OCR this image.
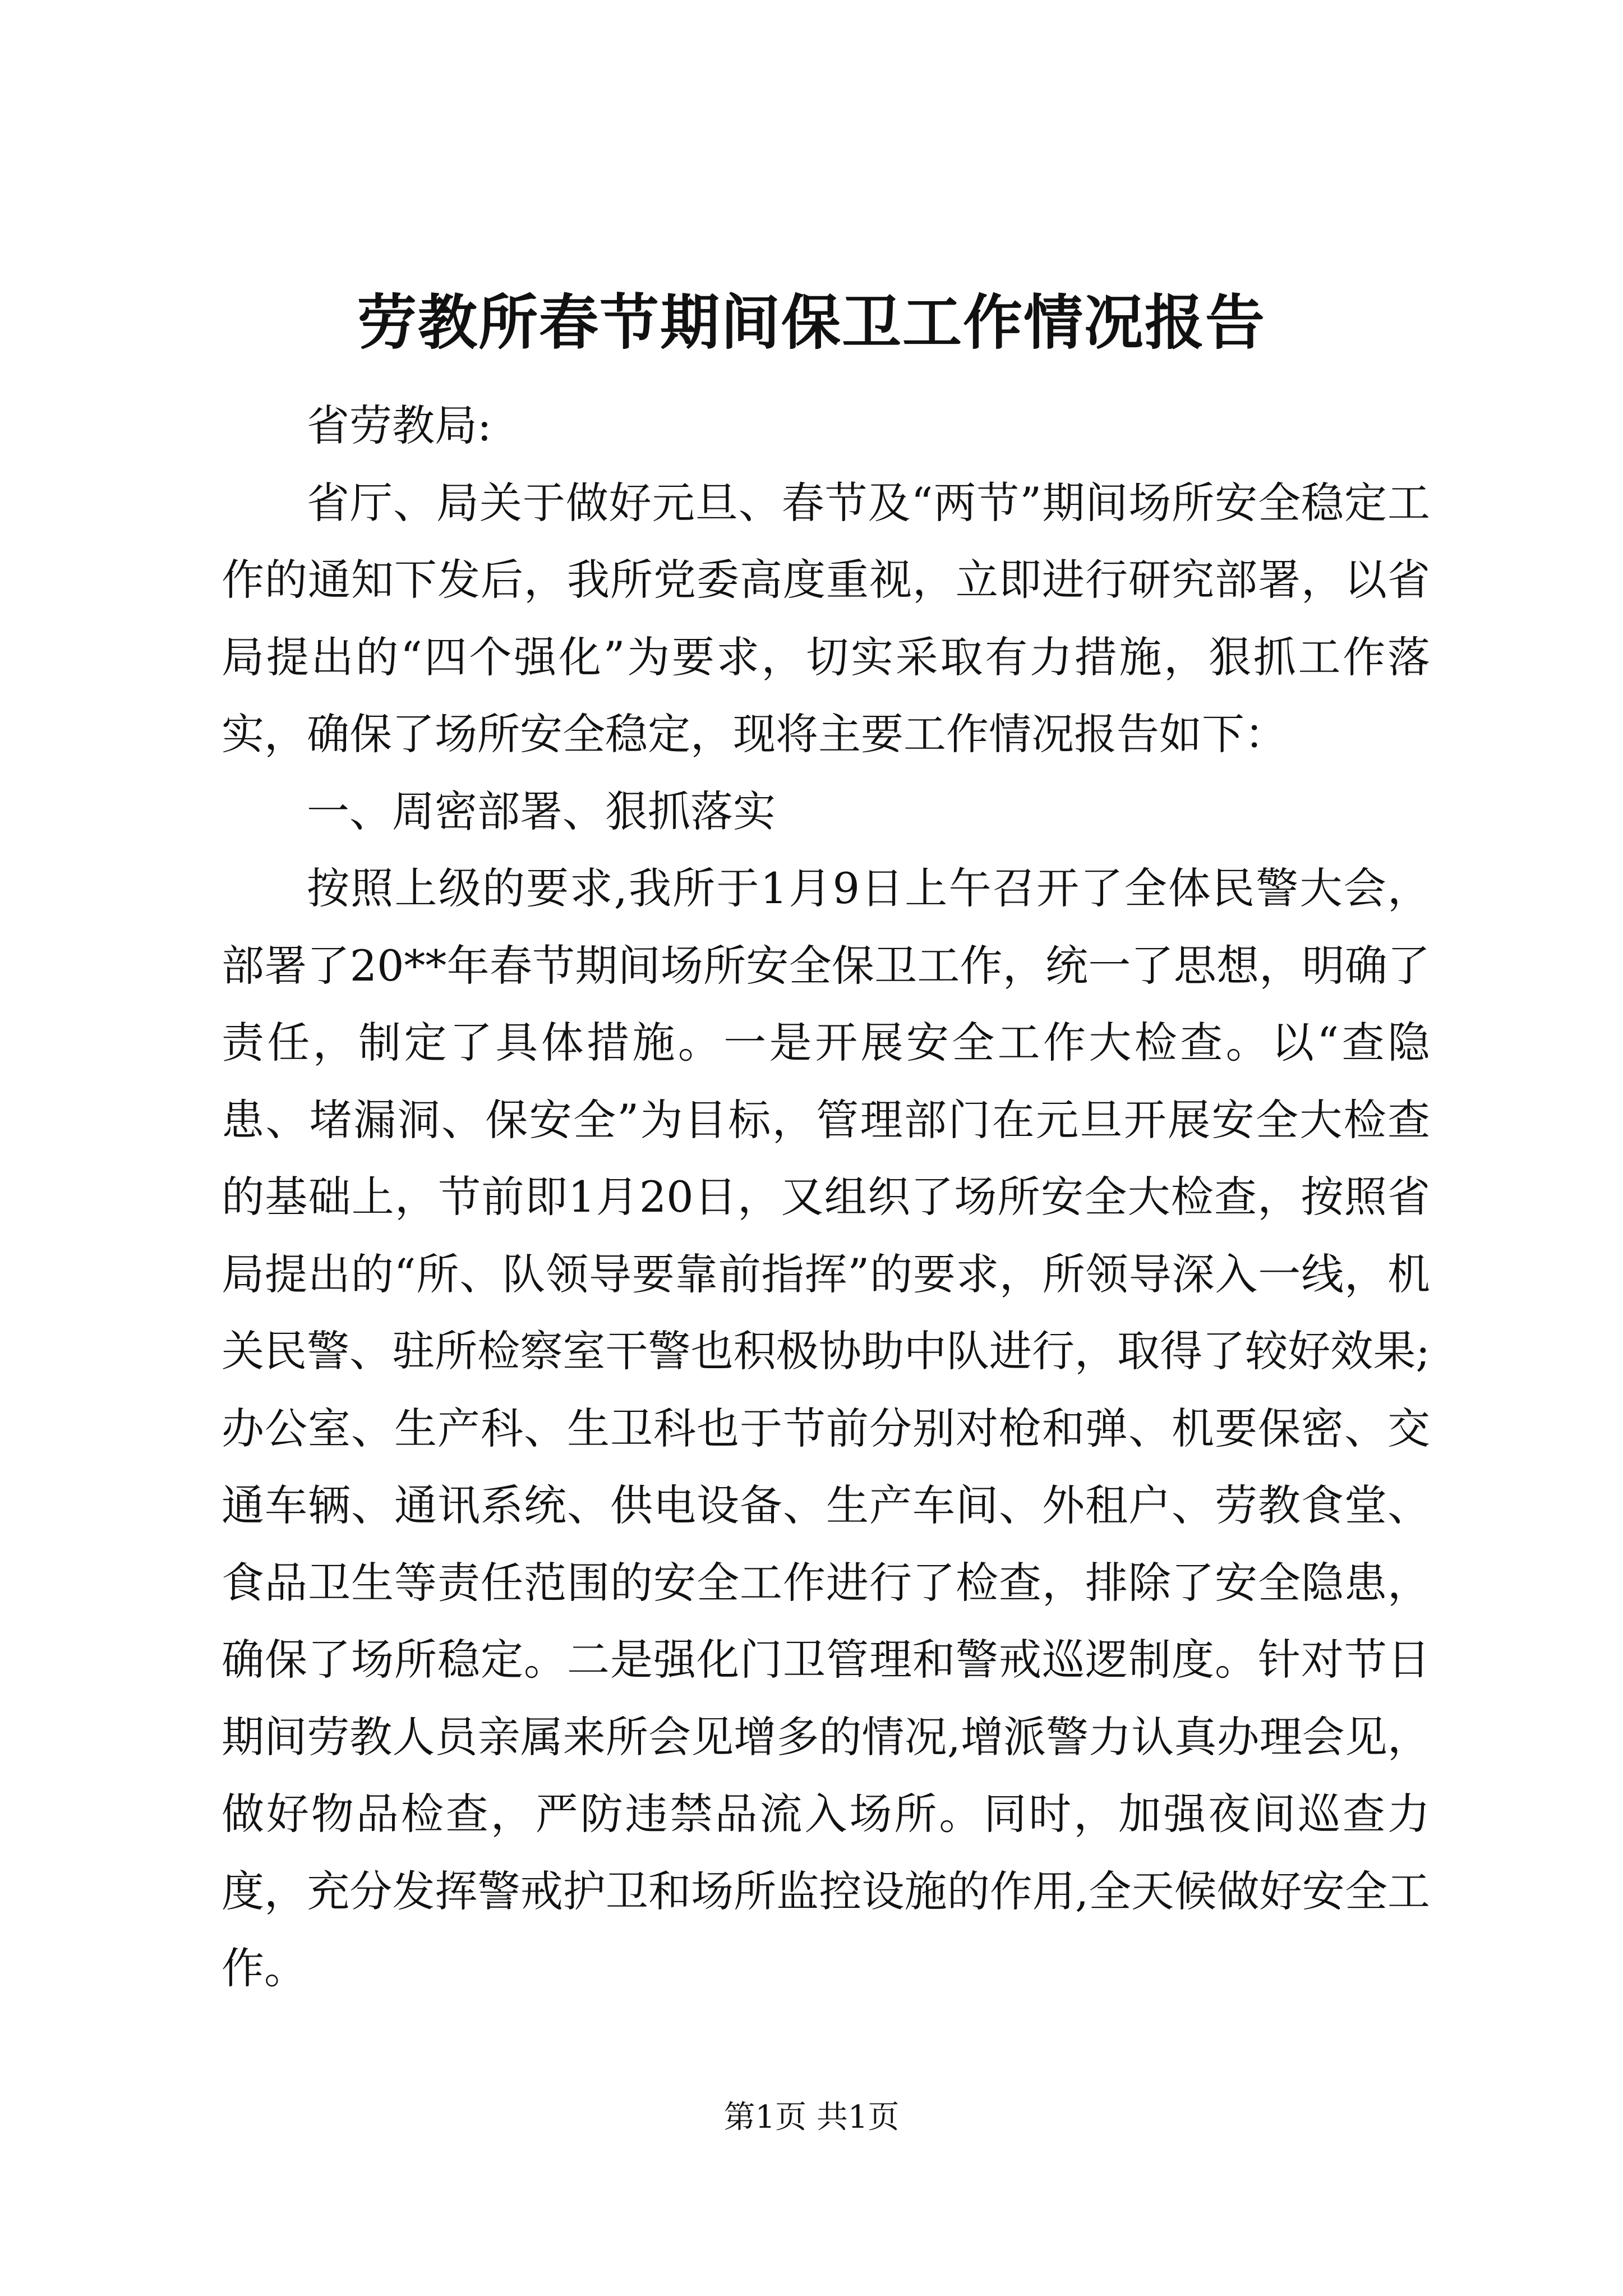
劳教所春节期间保卫工作情况报告

省劳教局:

省厅、局关于做好元旦、春节及“两节”期间场所安全稳定工作的通知下发后，我所党委高度重视，立即进行研究部署，以省局提出的“四个强化”为要求，切实采取有力措施，狠抓工作落实，确保了场所安全稳定，现将主要工作情况报告如下：

一、周密部署、狠抓落实

按照上级的要求,我所于1月9日上午召开了全体民警大会，部署了20**年春节期间场所安全保卫工作，统一了思想，明确了责任，制定了具体措施。一是开展安全工作大检查。以“查隐患、堵漏洞、保安全”为目标，管理部门在元旦开展安全大检查的基础上，节前即1月20日，又组织了场所安全大检查，按照省局提出的“所、队领导要靠前指挥”的要求，所领导深入一线，机关民警、驻所检察室干警也积极协助中队进行，取得了较好效果;办公室、生产科、生卫科也于节前分别对枪和弹、机要保密、交通车辆、通讯系统、供电设备、生产车间、外租户、劳教食堂、食品卫生等责任范围的安全工作进行了检查，排除了安全隐患，确保了场所稳定。二是强化门卫管理和警戒巡逻制度。针对节日期间劳教人员亲属来所会见增多的情况,增派警力认真办理会见，做好物品检查，严防违禁品流入场所。同时，加强夜间巡查力度，充分发挥警戒护卫和场所监控设施的作用,全天候做好安全工作。

第1页 共1页
